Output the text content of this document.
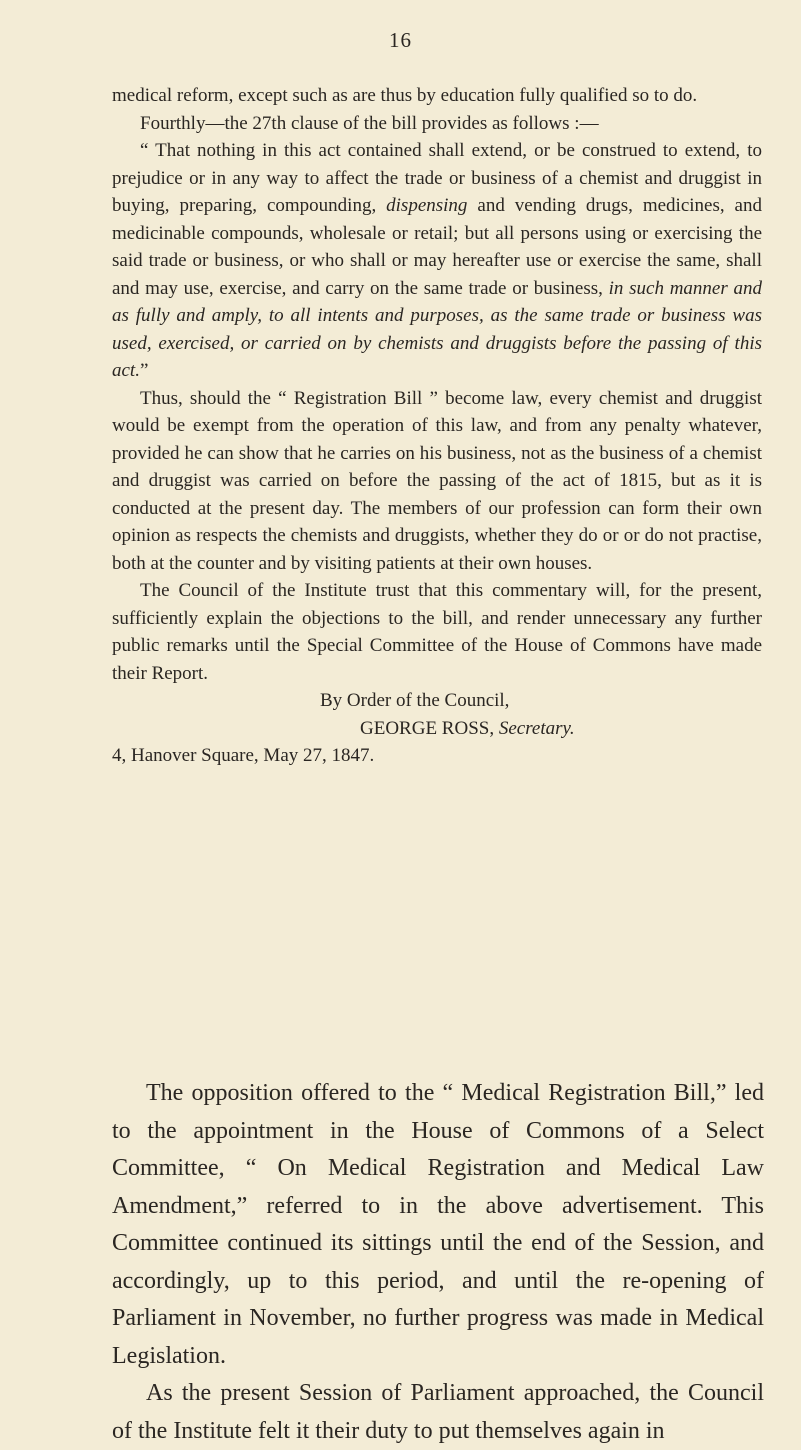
16

medical reform, except such as are thus by education fully qualified so to do.

Fourthly—the 27th clause of the bill provides as follows :—

“ That nothing in this act contained shall extend, or be construed to extend, to prejudice or in any way to affect the trade or business of a chemist and druggist in buying, preparing, compounding, dispensing and vending drugs, medicines, and medicinable compounds, wholesale or retail; but all persons using or exercising the said trade or business, or who shall or may hereafter use or exercise the same, shall and may use, exercise, and carry on the same trade or business, in such manner and as fully and amply, to all intents and purposes, as the same trade or business was used, exercised, or carried on by chemists and druggists before the passing of this act.”

Thus, should the “ Registration Bill ” become law, every chemist and druggist would be exempt from the operation of this law, and from any penalty whatever, provided he can show that he carries on his business, not as the business of a chemist and druggist was carried on before the passing of the act of 1815, but as it is conducted at the present day. The members of our profession can form their own opinion as respects the chemists and druggists, whether they do or or do not practise, both at the counter and by visiting patients at their own houses.

The Council of the Institute trust that this commentary will, for the present, sufficiently explain the objections to the bill, and render unnecessary any further public remarks until the Special Committee of the House of Commons have made their Report.

By Order of the Council,

GEORGE ROSS, Secretary.

4, Hanover Square, May 27, 1847.

The opposition offered to the “ Medical Registration Bill,” led to the appointment in the House of Commons of a Select Committee, “ On Medical Registration and Medical Law Amendment,” referred to in the above advertisement. This Committee continued its sittings until the end of the Session, and accordingly, up to this period, and until the re-opening of Parliament in November, no further progress was made in Medical Legislation.

As the present Session of Parliament approached, the Council of the Institute felt it their duty to put themselves again in
